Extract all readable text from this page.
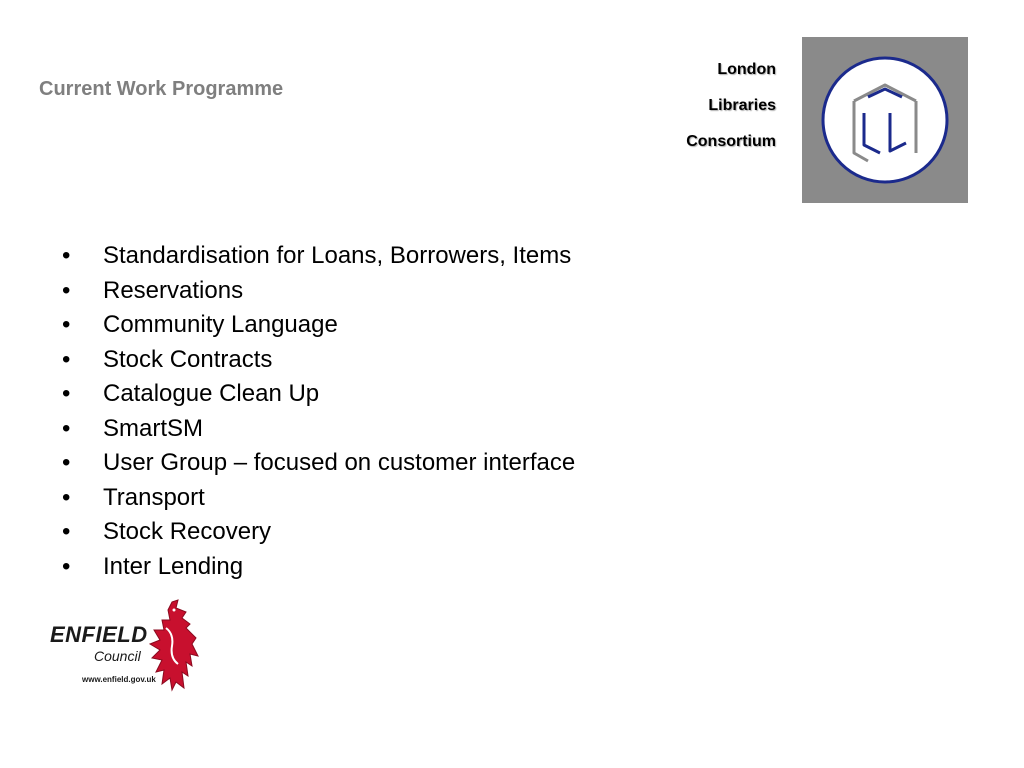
Current Work Programme
London
Libraries
Consortium
•	Standardisation for Loans, Borrowers, Items
•	Reservations
•	Community Language
•	Stock Contracts
•	Catalogue Clean Up
•	SmartSM
•	User Group – focused on customer interface
•	Transport
•	Stock Recovery
•	Inter Lending
ENFIELD
Council
www.enfield.gov.uk
